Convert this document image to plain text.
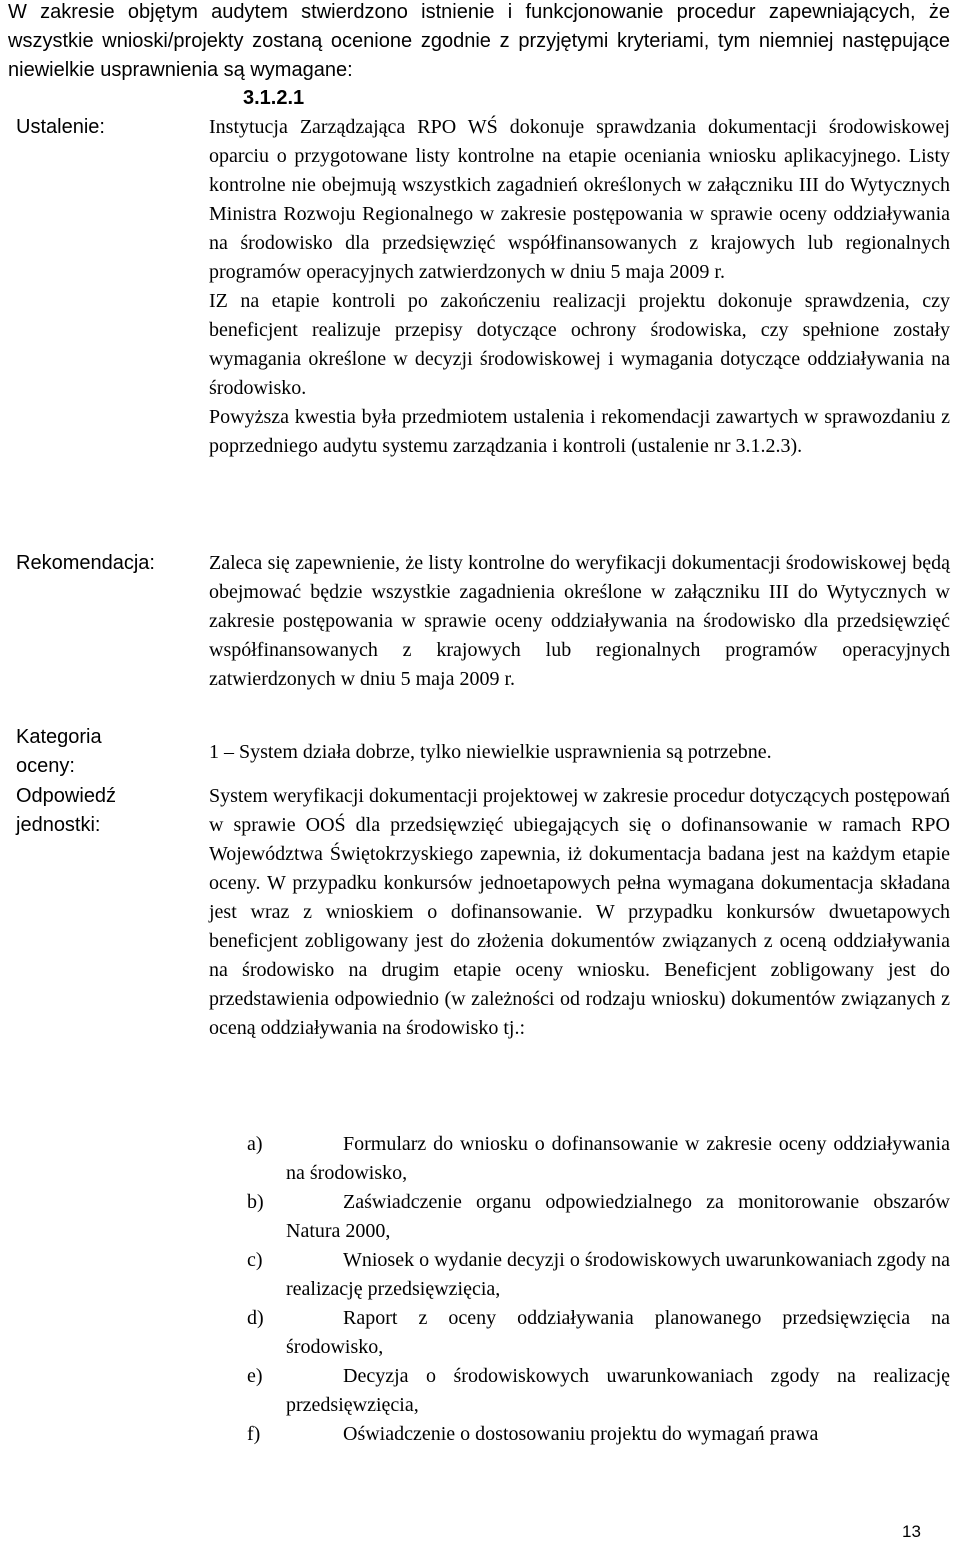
W zakresie objętym audytem stwierdzono istnienie i funkcjonowanie procedur zapewniających, że wszystkie wnioski/projekty zostaną ocenione zgodnie z przyjętymi kryteriami, tym niemniej następujące niewielkie usprawnienia są wymagane:
3.1.2.1
Ustalenie:	Instytucja Zarządzająca RPO WŚ dokonuje sprawdzania dokumentacji środowiskowej oparciu o przygotowane listy kontrolne na etapie oceniania wniosku aplikacyjnego. Listy kontrolne nie obejmują wszystkich zagadnień określonych w załączniku III do Wytycznych Ministra Rozwoju Regionalnego w zakresie postępowania w sprawie oceny oddziaływania na środowisko dla przedsięwzięć współfinansowanych z krajowych lub regionalnych programów operacyjnych zatwierdzonych w dniu 5 maja 2009 r.
IZ na etapie kontroli po zakończeniu realizacji projektu dokonuje sprawdzenia, czy beneficjent realizuje przepisy dotyczące ochrony środowiska, czy spełnione zostały wymagania określone w decyzji środowiskowej i wymagania dotyczące oddziaływania na środowisko.
Powyższa kwestia była przedmiotem ustalenia i rekomendacji zawartych w sprawozdaniu z poprzedniego audytu systemu zarządzania i kontroli (ustalenie nr 3.1.2.3).
Rekomendacja:	Zaleca się zapewnienie, że listy kontrolne do weryfikacji dokumentacji środowiskowej będą obejmować będzie wszystkie zagadnienia określone w załączniku III do Wytycznych w zakresie postępowania w sprawie oceny oddziaływania na środowisko dla przedsięwzięć współfinansowanych z krajowych lub regionalnych programów operacyjnych zatwierdzonych w dniu 5 maja 2009 r.
Kategoria
oceny:
1 – System działa dobrze, tylko niewielkie usprawnienia są potrzebne.
Odpowiedź
jednostki:
System weryfikacji dokumentacji projektowej w zakresie procedur dotyczących postępowań w sprawie OOŚ dla przedsięwzięć ubiegających się o dofinansowanie w ramach RPO Województwa Świętokrzyskiego zapewnia, iż dokumentacja badana jest na każdym etapie oceny. W przypadku konkursów jednoetapowych pełna wymagana dokumentacja składana jest wraz z wnioskiem o dofinansowanie. W przypadku konkursów dwuetapowych beneficjent zobligowany jest do złożenia dokumentów związanych z oceną oddziaływania na środowisko na drugim etapie oceny wniosku. Beneficjent zobligowany jest do przedstawienia odpowiednio (w zależności od rodzaju wniosku) dokumentów związanych z oceną oddziaływania na środowisko tj.:
a)	Formularz do wniosku o dofinansowanie w zakresie oceny oddziaływania na środowisko,
b)	Zaświadczenie organu odpowiedzialnego za monitorowanie obszarów Natura 2000,
c)	Wniosek o wydanie decyzji o środowiskowych uwarunkowaniach zgody na realizację przedsięwzięcia,
d)	Raport z oceny oddziaływania planowanego przedsięwzięcia na środowisko,
e)	Decyzja o środowiskowych uwarunkowaniach zgody na realizację przedsięwzięcia,
f)	Oświadczenie o dostosowaniu projektu do wymagań prawa
13
